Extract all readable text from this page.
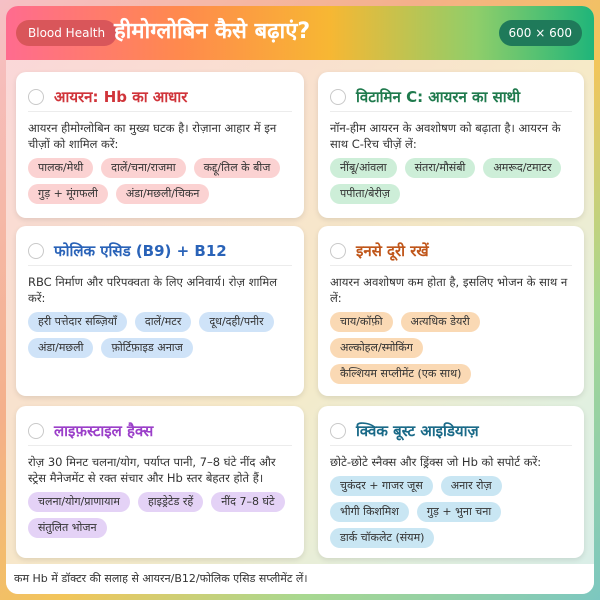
Blood Health हीमोग्लोबिन कैसे बढ़ाएं?	600 × 600
आयरन: Hb का आधार
आयरन हीमोग्लोबिन का मुख्य घटक है। रोज़ाना आहार में इन चीज़ों को शामिल करें:
पालक/मेथी	दालें/चना/राजमा	कद्दू/तिल के बीज
गुड़ + मूंगफली	अंडा/मछली/चिकन
विटामिन C: आयरन का साथी
नॉन-हीम आयरन के अवशोषण को बढ़ाता है। आयरन के साथ C-रिच चीज़ें लें:
नींबू/आंवला	संतरा/मौसंबी	अमरूद/टमाटर
पपीता/बेरीज़
फोलिक एसिड (B9) + B12
RBC निर्माण और परिपक्वता के लिए अनिवार्य। रोज़ शामिल करें:
हरी पत्तेदार सब्ज़ियाँ	दालें/मटर	दूध/दही/पनीर
अंडा/मछली	फ़ोर्टिफ़ाइड अनाज
इनसे दूरी रखें
आयरन अवशोषण कम होता है, इसलिए भोजन के साथ न लें:
चाय/कॉफ़ी	अत्यधिक डेयरी
अल्कोहल/स्मोकिंग
कैल्शियम सप्लीमेंट (एक साथ)
लाइफ़स्टाइल हैक्स
रोज़ 30 मिनट चलना/योग, पर्याप्त पानी, 7–8 घंटे नींद और स्ट्रेस मैनेजमेंट से रक्त संचार और Hb स्तर बेहतर होते हैं।
चलना/योग/प्राणायाम	हाइड्रेटेड रहें	नींद 7–8 घंटे
संतुलित भोजन
क्विक बूस्ट आइडियाज़
छोटे-छोटे स्नैक्स और ड्रिंक्स जो Hb को सपोर्ट करें:
चुकंदर + गाजर जूस	अनार रोज़
भीगी किशमिश	गुड़ + भुना चना
डार्क चॉकलेट (संयम)
कम Hb में डॉक्टर की सलाह से आयरन/B12/फोलिक एसिड सप्लीमेंट लें।
